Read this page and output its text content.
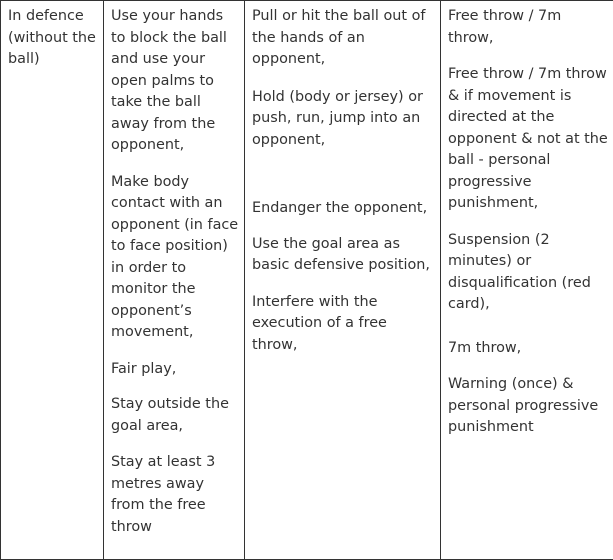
In defence (without the ball)

Use your hands to block the ball and use your open palms to take the ball away from the opponent,
Make body contact with an opponent (in face to face position) in order to monitor the opponent’s movement,
Fair play,
Stay outside the goal area,
Stay at least 3 metres away from the free throw

Pull or hit the ball out of the hands of an opponent,
Hold (body or jersey) or push, run, jump into an opponent,
Endanger the opponent,
Use the goal area as basic defensive position,
Interfere with the execution of a free throw,

Free throw / 7m throw,
Free throw / 7m throw & if movement is directed at the opponent & not at the ball - personal progressive punishment,
Suspension (2 minutes) or disqualification (red card),
7m throw,
Warning (once) & personal progressive punishment
